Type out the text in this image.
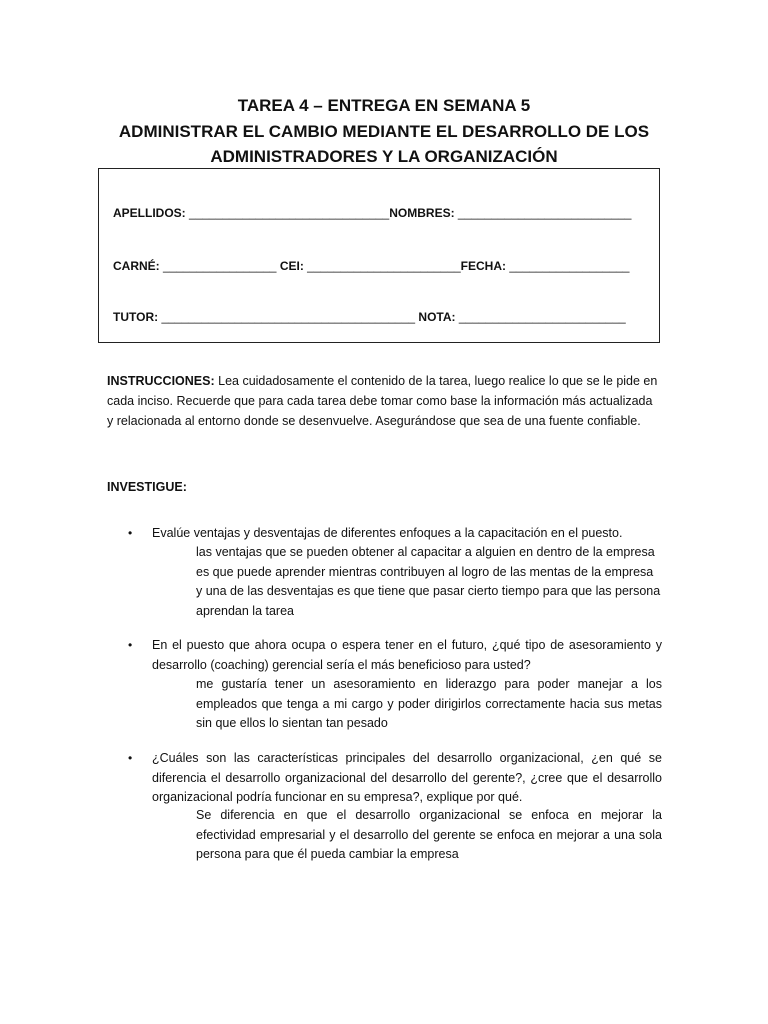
TAREA 4 – ENTREGA EN SEMANA 5
ADMINISTRAR EL CAMBIO MEDIANTE EL DESARROLLO DE LOS
ADMINISTRADORES Y LA ORGANIZACIÓN
APELLIDOS: ______________________________NOMBRES: __________________________
CARNÉ: _________________ CEI: _______________________FECHA: __________________
TUTOR: ______________________________________ NOTA: _________________________
INSTRUCCIONES: Lea cuidadosamente el contenido de la tarea, luego realice lo que se le pide en cada inciso. Recuerde que para cada tarea debe tomar como base la información más actualizada y relacionada al entorno donde se desenvuelve. Asegurándose que sea de una fuente confiable.
INVESTIGUE:
• Evalúe ventajas y desventajas de diferentes enfoques a la capacitación en el puesto.
las ventajas que se pueden obtener al capacitar a alguien en dentro de la empresa es que puede aprender mientras contribuyen al logro de las mentas de la empresa y una de las desventajas es que tiene que pasar cierto tiempo para que las persona aprendan la tarea
• En el puesto que ahora ocupa o espera tener en el futuro, ¿qué tipo de asesoramiento y desarrollo (coaching) gerencial sería el más beneficioso para usted?
me gustaría tener un asesoramiento en liderazgo para poder manejar a los empleados que tenga a mi cargo y poder dirigirlos correctamente hacia sus metas sin que ellos lo sientan tan pesado
• ¿Cuáles son las características principales del desarrollo organizacional, ¿en qué se diferencia el desarrollo organizacional del desarrollo del gerente?, ¿cree que el desarrollo organizacional podría funcionar en su empresa?, explique por qué.
Se diferencia en que el desarrollo organizacional se enfoca en mejorar la efectividad empresarial y el desarrollo del gerente se enfoca en mejorar a una sola persona para que él pueda cambiar la empresa
